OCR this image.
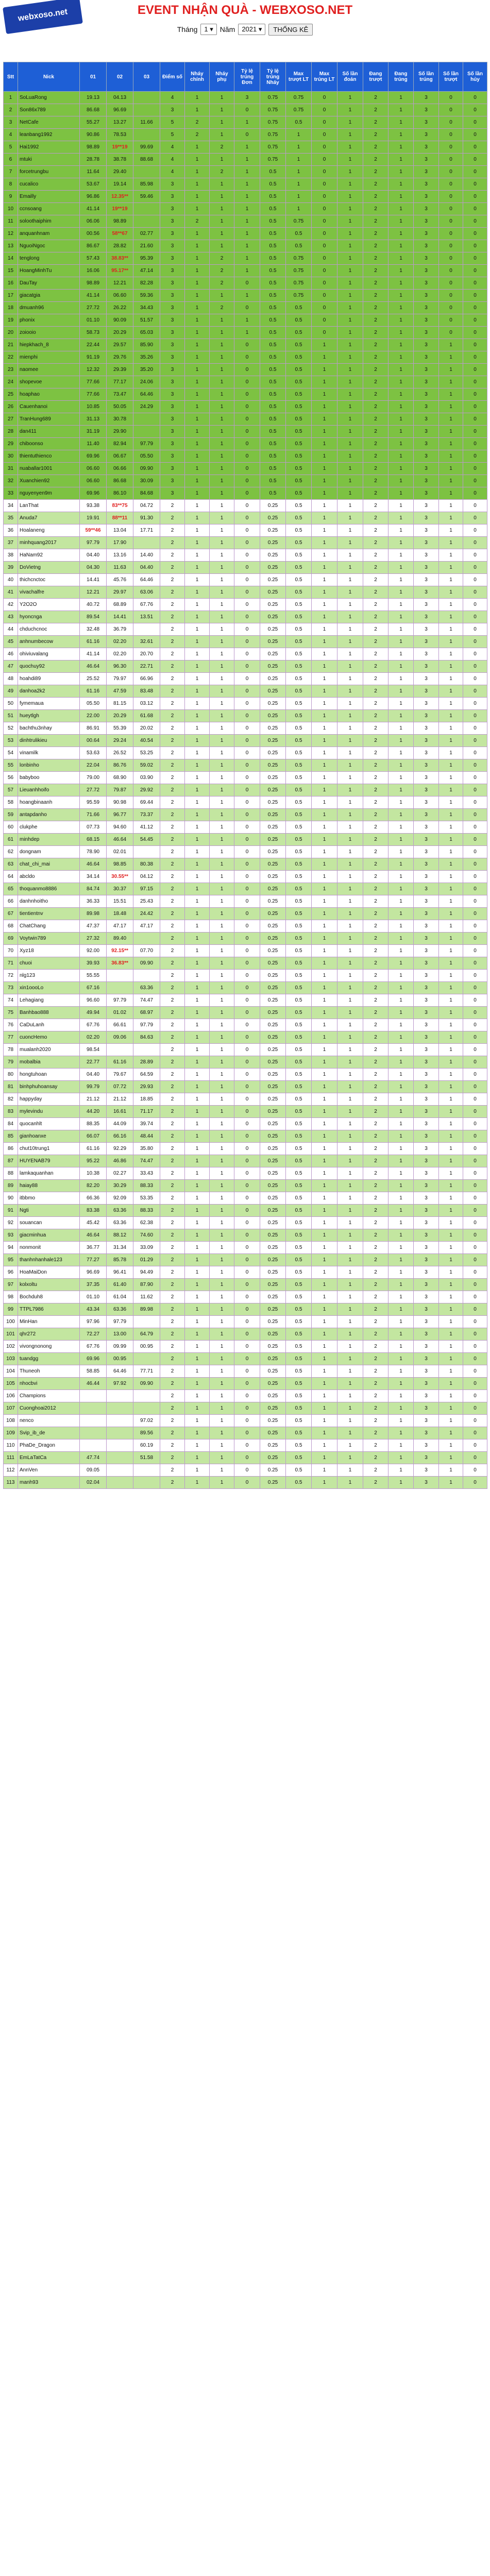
webxoso.net	EVENT NHẬN QUÀ - WEBXOSO.NET
Tháng	1 ▾ Năm	2021 ▾	THỐNG KÊ
Stt	Nick	01	02	03	Điểm số	Nháy chính	Nháy phụ	Tỷ lệ trúng Đơn	Tỷ lệ trúng Nháy	Max trượt LT	Max trúng LT	Số lần đoán	Đang trượt	Đang trúng	Số lần trúng	Số lần trượt	Số lần hủy
1	SoLuaRong	19.13	04.13		4	1	1	3	0.75	0.75	0	1	2	1	3	0	0
2	Son86x789	86.68	96.69		3	1	1	0	0.75	0.75	0	1	2	1	3	0	0
3	NetCafe	55.27	13.27	11.66	5	2	1	1	0.75	0.5	0	1	2	1	3	0	0
4	leanbang1992	90.86	78.53		5	2	1	0	0.75	1	0	1	2	1	3	0	0
5	Hai1992	98.89	19**19	99.69	4	1	2	1	0.75	1	0	1	2	1	3	0	0
6	mtuki	28.78	38.78	88.68	4	1	1	1	0.75	1	0	1	2	1	3	0	0
7	forcetrungbu	11.64	29.40		4	1	2	1	0.5	1	0	1	2	1	3	0	0
8	cucalico	53.67	19.14	85.98	3	1	1	1	0.5	1	0	1	2	1	3	0	0
9	Emailly	96.86	12.35**	59.46	3	1	1	1	0.5	1	0	1	2	1	3	0	0
10	ccnsoang	41.14	19**19		3	1	1	1	0.5	1	0	1	2	1	3	0	0
11	soloothaiphim	06.06	98.89		3	2	1	1	0.5	0.75	0	1	2	1	3	0	0
12	anquanhnam	00.56	58**67	02.77	3	1	1	1	0.5	0.5	0	1	2	1	3	0	0
13	NguoiNgoc	86.67	28.82	21.60	3	1	1	1	0.5	0.5	0	1	2	1	3	0	0
14	tenglong	57.43	38.83**	95.39	3	1	2	1	0.5	0.75	0	1	2	1	3	0	0
15	HoangMinhTu	16.06	95.17**	47.14	3	1	2	1	0.5	0.75	0	1	2	1	3	0	0
16	DauTay	98.89	12.21	82.28	3	1	2	0	0.5	0.75	0	1	2	1	3	0	0
17	giacatgia	41.14	06.60	59.36	3	1	1	1	0.5	0.75	0	1	2	1	3	0	0
18	dmuanh96	27.72	26.22	34.43	3	1	2	0	0.5	0.5	0	1	2	1	3	0	0
19	phonix	01.10	90.09	51.57	3	1	1	1	0.5	0.5	0	1	2	1	3	0	0
20	zoiooio	58.73	20.29	65.03	3	1	1	1	0.5	0.5	0	1	2	1	3	0	0
21	hiepkhach_8	22.44	29.57	85.90	3	1	1	0	0.5	0.5	1	1	2	1	3	1	0
22	mienphi	91.19	29.76	35.26	3	1	1	0	0.5	0.5	1	1	2	1	3	1	0
23	naomee	12.32	29.39	35.20	3	1	1	0	0.5	0.5	1	1	2	1	3	1	0
24	shopevoe	77.66	77.17	24.06	3	1	1	0	0.5	0.5	1	1	2	1	3	1	0
25	hoaphao	77.66	73.47	64.46	3	1	1	0	0.5	0.5	1	1	2	1	3	1	0
26	Cauenhanoi	10.85	50.05	24.29	3	1	1	0	0.5	0.5	1	1	2	1	3	1	0
27	TranHung689	31.13	30.78		3	1	1	0	0.5	0.5	1	1	2	1	3	1	0
28	dan411	31.19	29.90		3	1	1	0	0.5	0.5	1	1	2	1	3	1	0
29	chiboonso	11.40	82.94	97.79	3	1	1	0	0.5	0.5	1	1	2	1	3	1	0
30	thientuthienco	69.96	06.67	05.50	3	1	1	0	0.5	0.5	1	1	2	1	3	1	0
31	nuaballar1001	06.60	06.66	09.90	3	1	1	0	0.5	0.5	1	1	2	1	3	1	0
32	Xuanchien92	06.60	86.68	30.09	3	1	1	0	0.5	0.5	1	1	2	1	3	1	0
33	nguyenyen9m	69.96	86.10	84.68	3	1	1	0	0.5	0.5	1	1	2	1	3	1	0
34	LanThat	93.38	83**75	04.72	2	1	1	0	0.25	0.5	1	1	2	1	3	1	0
35	Anuda7	19.91	88**11	91.30	2	1	1	0	0.25	0.5	1	1	2	1	3	1	0
36	Hoalaneng	59**46	13.04	17.71	2	1	1	0	0.25	0.5	1	1	2	1	3	1	0
37	minhquang2017	97.79	17.90		2	1	1	0	0.25	0.5	1	1	2	1	3	1	0
38	HaNam92	04.40	13.16	14.40	2	1	1	0	0.25	0.5	1	1	2	1	3	1	0
39	DoVietng	04.30	11.63	04.40	2	1	1	0	0.25	0.5	1	1	2	1	3	1	0
40	thichcnctoc	14.41	45.76	64.46	2	1	1	0	0.25	0.5	1	1	2	1	3	1	0
41	vivachalfre	12.21	29.97	63.06	2	1	1	0	0.25	0.5	1	1	2	1	3	1	0
42	Y2O2O	40.72	68.89	67.76	2	1	1	0	0.25	0.5	1	1	2	1	3	1	0
43	hyoncnga	89.54	14.41	13.51	2	1	1	0	0.25	0.5	1	1	2	1	3	1	0
44	chduchcnoc	32.48	36.79		2	1	1	0	0.25	0.5	1	1	2	1	3	1	0
45	anhnumbecow	61.16	02.20	32.61	2	1	1	0	0.25	0.5	1	1	2	1	3	1	0
46	ohiviuvalang	41.14	02.20	20.70	2	1	1	0	0.25	0.5	1	1	2	1	3	1	0
47	quochuy92	46.64	96.30	22.71	2	1	1	0	0.25	0.5	1	1	2	1	3	1	0
48	hoahdi89	25.52	79.97	66.96	2	1	1	0	0.25	0.5	1	1	2	1	3	1	0
49	danhoa2k2	61.16	47.59	83.48	2	1	1	0	0.25	0.5	1	1	2	1	3	1	0
50	fymemaua	05.50	81.15	03.12	2	1	1	0	0.25	0.5	1	1	2	1	3	1	0
51	hueytlgh	22.00	20.29	61.68	2	1	1	0	0.25	0.5	1	1	2	1	3	1	0
52	bachthu3nhay	86.91	55.39	20.02	2	1	1	0	0.25	0.5	1	1	2	1	3	1	0
53	dinhtrulikieu	00.64	29.24	40.54	2	1	1	0	0.25	0.5	1	1	2	1	3	1	0
54	vinamilk	53.63	26.52	53.25	2	1	1	0	0.25	0.5	1	1	2	1	3	1	0
55	lonbinho	22.04	86.76	59.02	2	1	1	0	0.25	0.5	1	1	2	1	3	1	0
56	babyboo	79.00	68.90	03.90	2	1	1	0	0.25	0.5	1	1	2	1	3	1	0
57	Lieuanhhoifo	27.72	79.87	29.92	2	1	1	0	0.25	0.5	1	1	2	1	3	1	0
58	hoangbinaanh	95.59	90.98	69.44	2	1	1	0	0.25	0.5	1	1	2	1	3	1	0
59	antapdanho	71.66	96.77	73.37	2	1	1	0	0.25	0.5	1	1	2	1	3	1	0
60	clukphe	07.73	94.60	41.12	2	1	1	0	0.25	0.5	1	1	2	1	3	1	0
61	minhdep	68.15	46.64	54.45	2	1	1	0	0.25	0.5	1	1	2	1	3	1	0
62	dongnam	78.90	02.01		2	1	1	0	0.25	0.5	1	1	2	1	3	1	0
63	chat_chi_mai	46.64	98.85	80.38	2	1	1	0	0.25	0.5	1	1	2	1	3	1	0
64	abcldo	34.14	30.55**	04.12	2	1	1	0	0.25	0.5	1	1	2	1	3	1	0
65	thoquanmo8886	84.74	30.37	97.15	2	1	1	0	0.25	0.5	1	1	2	1	3	1	0
66	danhnhoitho	36.33	15.51	25.43	2	1	1	0	0.25	0.5	1	1	2	1	3	1	0
67	tientientnv	89.98	18.48	24.42	2	1	1	0	0.25	0.5	1	1	2	1	3	1	0
68	ChatChang	47.37	47.17	47.17	2	1	1	0	0.25	0.5	1	1	2	1	3	1	0
69	Voytwin789	27.32	89.40		2	1	1	0	0.25	0.5	1	1	2	1	3	1	0
70	Xyz18	92.00	92.15**	07.70	2	1	1	0	0.25	0.5	1	1	2	1	3	1	0
71	chuoi	39.93	36.83**	09.90	2	1	1	0	0.25	0.5	1	1	2	1	3	1	0
72	nlg123	55.55			2	1	1	0	0.25	0.5	1	1	2	1	3	1	0
73	xin1oooLo	67.16		63.36	2	1	1	0	0.25	0.5	1	1	2	1	3	1	0
74	Lehagiang	96.60	97.79	74.47	2	1	1	0	0.25	0.5	1	1	2	1	3	1	0
75	Banhbao888	49.94	01.02	68.97	2	1	1	0	0.25	0.5	1	1	2	1	3	1	0
76	CaDuLanh	67.76	66.61	97.79	2	1	1	0	0.25	0.5	1	1	2	1	3	1	0
77	cuoncHemo	02.20	09.06	84.63	2	1	1	0	0.25	0.5	1	1	2	1	3	1	0
78	mualanh2020	98.54			2	1	1	0	0.25	0.5	1	1	2	1	3	1	0
79	mobalbia	22.77	61.16	28.89	2	1	1	0	0.25	0.5	1	1	2	1	3	1	0
80	hongtuhoan	04.40	79.67	64.59	2	1	1	0	0.25	0.5	1	1	2	1	3	1	0
81	binhphuhoansay	99.79	07.72	29.93	2	1	1	0	0.25	0.5	1	1	2	1	3	1	0
82	happyday	21.12	21.12	18.85	2	1	1	0	0.25	0.5	1	1	2	1	3	1	0
83	mylevindu	44.20	16.61	71.17	2	1	1	0	0.25	0.5	1	1	2	1	3	1	0
84	quocanhlt	88.35	44.09	39.74	2	1	1	0	0.25	0.5	1	1	2	1	3	1	0
85	gianhoanxe	66.07	66.16	48.44	2	1	1	0	0.25	0.5	1	1	2	1	3	1	0
86	chut10trung1	61.16	92.29	35.80	2	1	1	0	0.25	0.5	1	1	2	1	3	1	0
87	HUYENAB79	95.22	46.86	74.47	2	1	1	0	0.25	0.5	1	1	2	1	3	1	0
88	lamkaquanhan	10.38	02.27	33.43	2	1	1	0	0.25	0.5	1	1	2	1	3	1	0
89	haiay88	82.20	30.29	88.33	2	1	1	0	0.25	0.5	1	1	2	1	3	1	0
90	itbbmo	66.36	92.09	53.35	2	1	1	0	0.25	0.5	1	1	2	1	3	1	0
91	Ngti	83.38	63.36	88.33	2	1	1	0	0.25	0.5	1	1	2	1	3	1	0
92	souancan	45.42	63.36	62.38	2	1	1	0	0.25	0.5	1	1	2	1	3	1	0
93	giacminhua	46.64	88.12	74.60	2	1	1	0	0.25	0.5	1	1	2	1	3	1	0
94	nonmonit	36.77	31.34	33.09	2	1	1	0	0.25	0.5	1	1	2	1	3	1	0
95	thanhnhanhale123	77.27	85.78	01.29	2	1	1	0	0.25	0.5	1	1	2	1	3	1	0
96	HoaMaiDon	96.69	96.41	94.49	2	1	1	0	0.25	0.5	1	1	2	1	3	1	0
97	kolxoltu	37.35	61.40	87.90	2	1	1	0	0.25	0.5	1	1	2	1	3	1	0
98	Bochduh8	01.10	61.04	11.62	2	1	1	0	0.25	0.5	1	1	2	1	3	1	0
99	TTPL7986	43.34	63.36	89.98	2	1	1	0	0.25	0.5	1	1	2	1	3	1	0
100	MinHan	97.96	97.79		2	1	1	0	0.25	0.5	1	1	2	1	3	1	0
101	qhr272	72.27	13.00	64.79	2	1	1	0	0.25	0.5	1	1	2	1	3	1	0
102	vivongnonong	67.76	09.99	00.95	2	1	1	0	0.25	0.5	1	1	2	1	3	1	0
103	tuandgg	69.96	00.95		2	1	1	0	0.25	0.5	1	1	2	1	3	1	0
104	Thuneoh	58.85	64.46	77.71	2	1	1	0	0.25	0.5	1	1	2	1	3	1	0
105	nhocbvi	46.44	97.92	09.90	2	1	1	0	0.25	0.5	1	1	2	1	3	1	0
106	Champions				2	1	1	0	0.25	0.5	1	1	2	1	3	1	0
107	Cuonghoai2012				2	1	1	0	0.25	0.5	1	1	2	1	3	1	0
108	nenco			97.02	2	1	1	0	0.25	0.5	1	1	2	1	3	1	0
109	Svip_ib_de			89.56	2	1	1	0	0.25	0.5	1	1	2	1	3	1	0
110	PhaDe_Dragon			60.19	2	1	1	0	0.25	0.5	1	1	2	1	3	1	0
111	EmLaTatCa	47.74		51.58	2	1	1	0	0.25	0.5	1	1	2	1	3	1	0
112	AnnVen	09.05			2	1	1	0	0.25	0.5	1	1	2	1	3	1	0
113	manh93	02.04			2	1	1	0	0.25	0.5	1	1	2	1	3	1	0
